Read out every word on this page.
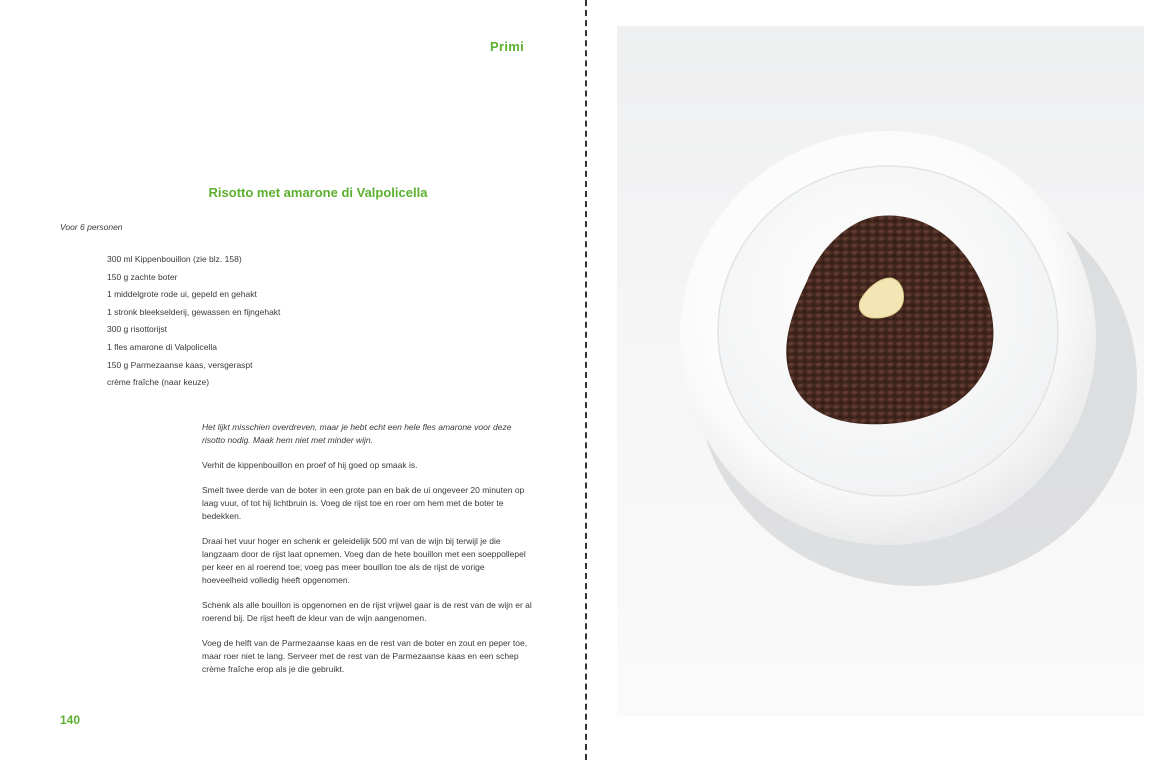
Primi
Risotto met amarone di Valpolicella
Voor 6 personen
300 ml Kippenbouillon (zie blz. 158)
150 g zachte boter
1 middelgrote rode ui, gepeld en gehakt
1 stronk bleekselderij, gewassen en fijngehakt
300 g risottorijst
1 fles amarone di Valpolicella
150 g Parmezaanse kaas, versgeraspt
crème fraîche (naar keuze)

Het lijkt misschien overdreven, maar je hebt echt een hele fles amarone voor deze risotto nodig. Maak hem niet met minder wijn.

Verhit de kippenbouillon en proef of hij goed op smaak is.

Smelt twee derde van de boter in een grote pan en bak de ui ongeveer 20 minuten op laag vuur, of tot hij lichtbruin is. Voeg de rijst toe en roer om hem met de boter te bedekken.

Draai het vuur hoger en schenk er geleidelijk 500 ml van de wijn bij terwijl je die langzaam door de rijst laat opnemen. Voeg dan de hete bouillon met een soeppollepel per keer en al roerend toe; voeg pas meer bouillon toe als de rijst de vorige hoeveelheid volledig heeft opgenomen.

Schenk als alle bouillon is opgenomen en de rijst vrijwel gaar is de rest van de wijn er al roerend bij. De rijst heeft de kleur van de wijn aangenomen.

Voeg de helft van de Parmezaanse kaas en de rest van de boter en zout en peper toe, maar roer niet te lang. Serveer met de rest van de Parmezaanse kaas en een schep crème fraîche erop als je die gebruikt.

140
